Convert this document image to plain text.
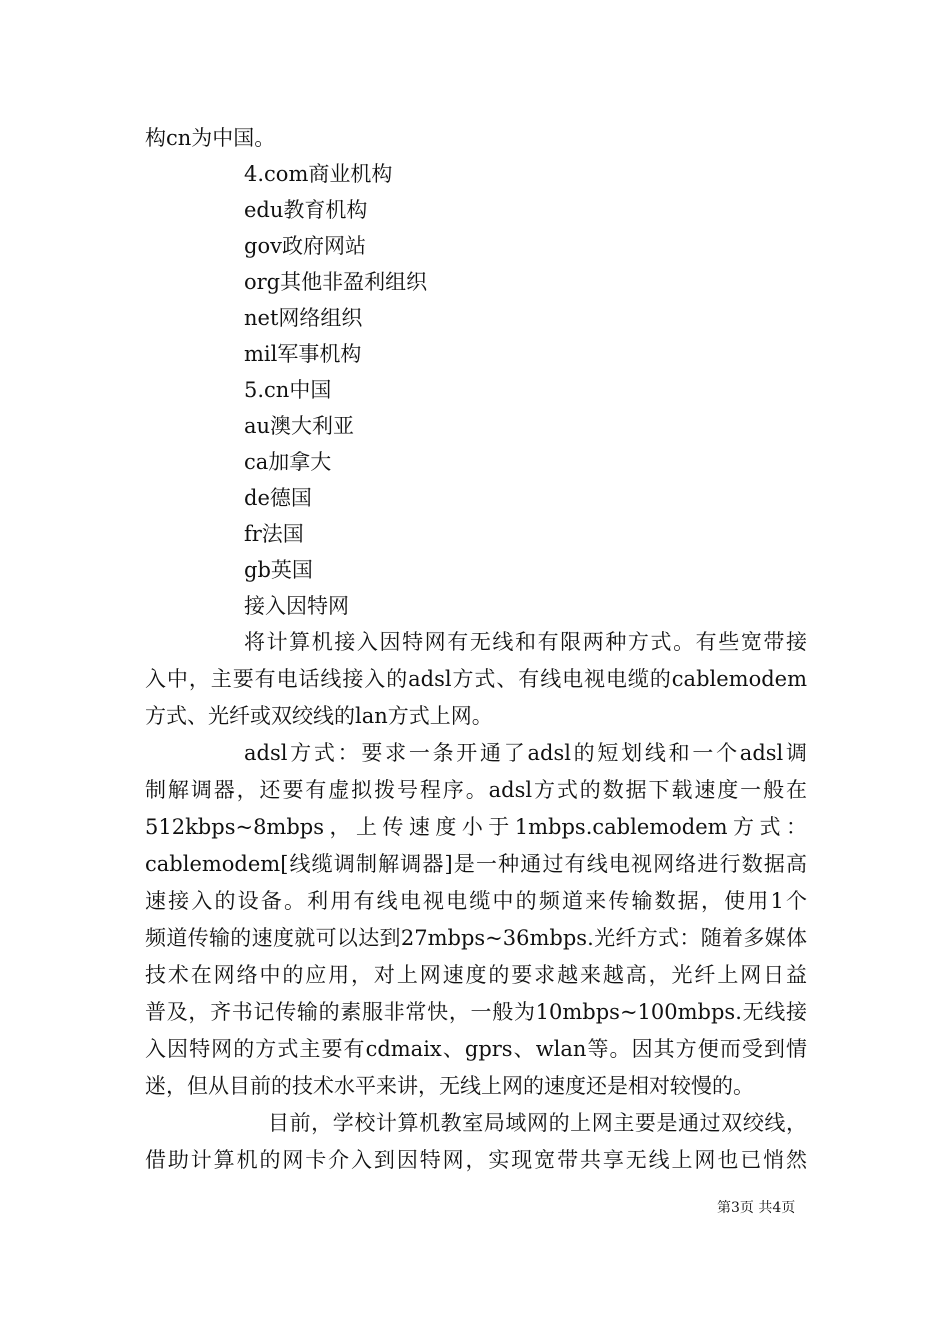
构cn为中国。
4.com商业机构
edu教育机构
gov政府网站
org其他非盈利组织
net网络组织
mil军事机构
5.cn中国
au澳大利亚
ca加拿大
de德国
fr法国
gb英国
接入因特网
将计算机接入因特网有无线和有限两种方式。有些宽带接
入中，主要有电话线接入的adsl方式、有线电视电缆的cablemodem
方式、光纤或双绞线的lan方式上网。
adsl方式：要求一条开通了adsl的短划线和一个adsl调
制解调器，还要有虚拟拨号程序。adsl方式的数据下载速度一般在
512kbps~8mbps，上传速度小于1mbps.cablemodem方式：
cablemodem[线缆调制解调器]是一种通过有线电视网络进行数据高
速接入的设备。利用有线电视电缆中的频道来传输数据，使用1个
频道传输的速度就可以达到27mbps~36mbps.光纤方式：随着多媒体
技术在网络中的应用，对上网速度的要求越来越高，光纤上网日益
普及，齐书记传输的素服非常快，一般为10mbps~100mbps.无线接
入因特网的方式主要有cdmaix、gprs、wlan等。因其方便而受到情
迷，但从目前的技术水平来讲，无线上网的速度还是相对较慢的。
目前，学校计算机教室局域网的上网主要是通过双绞线，
借助计算机的网卡介入到因特网，实现宽带共享无线上网也已悄然
第3页 共4页
